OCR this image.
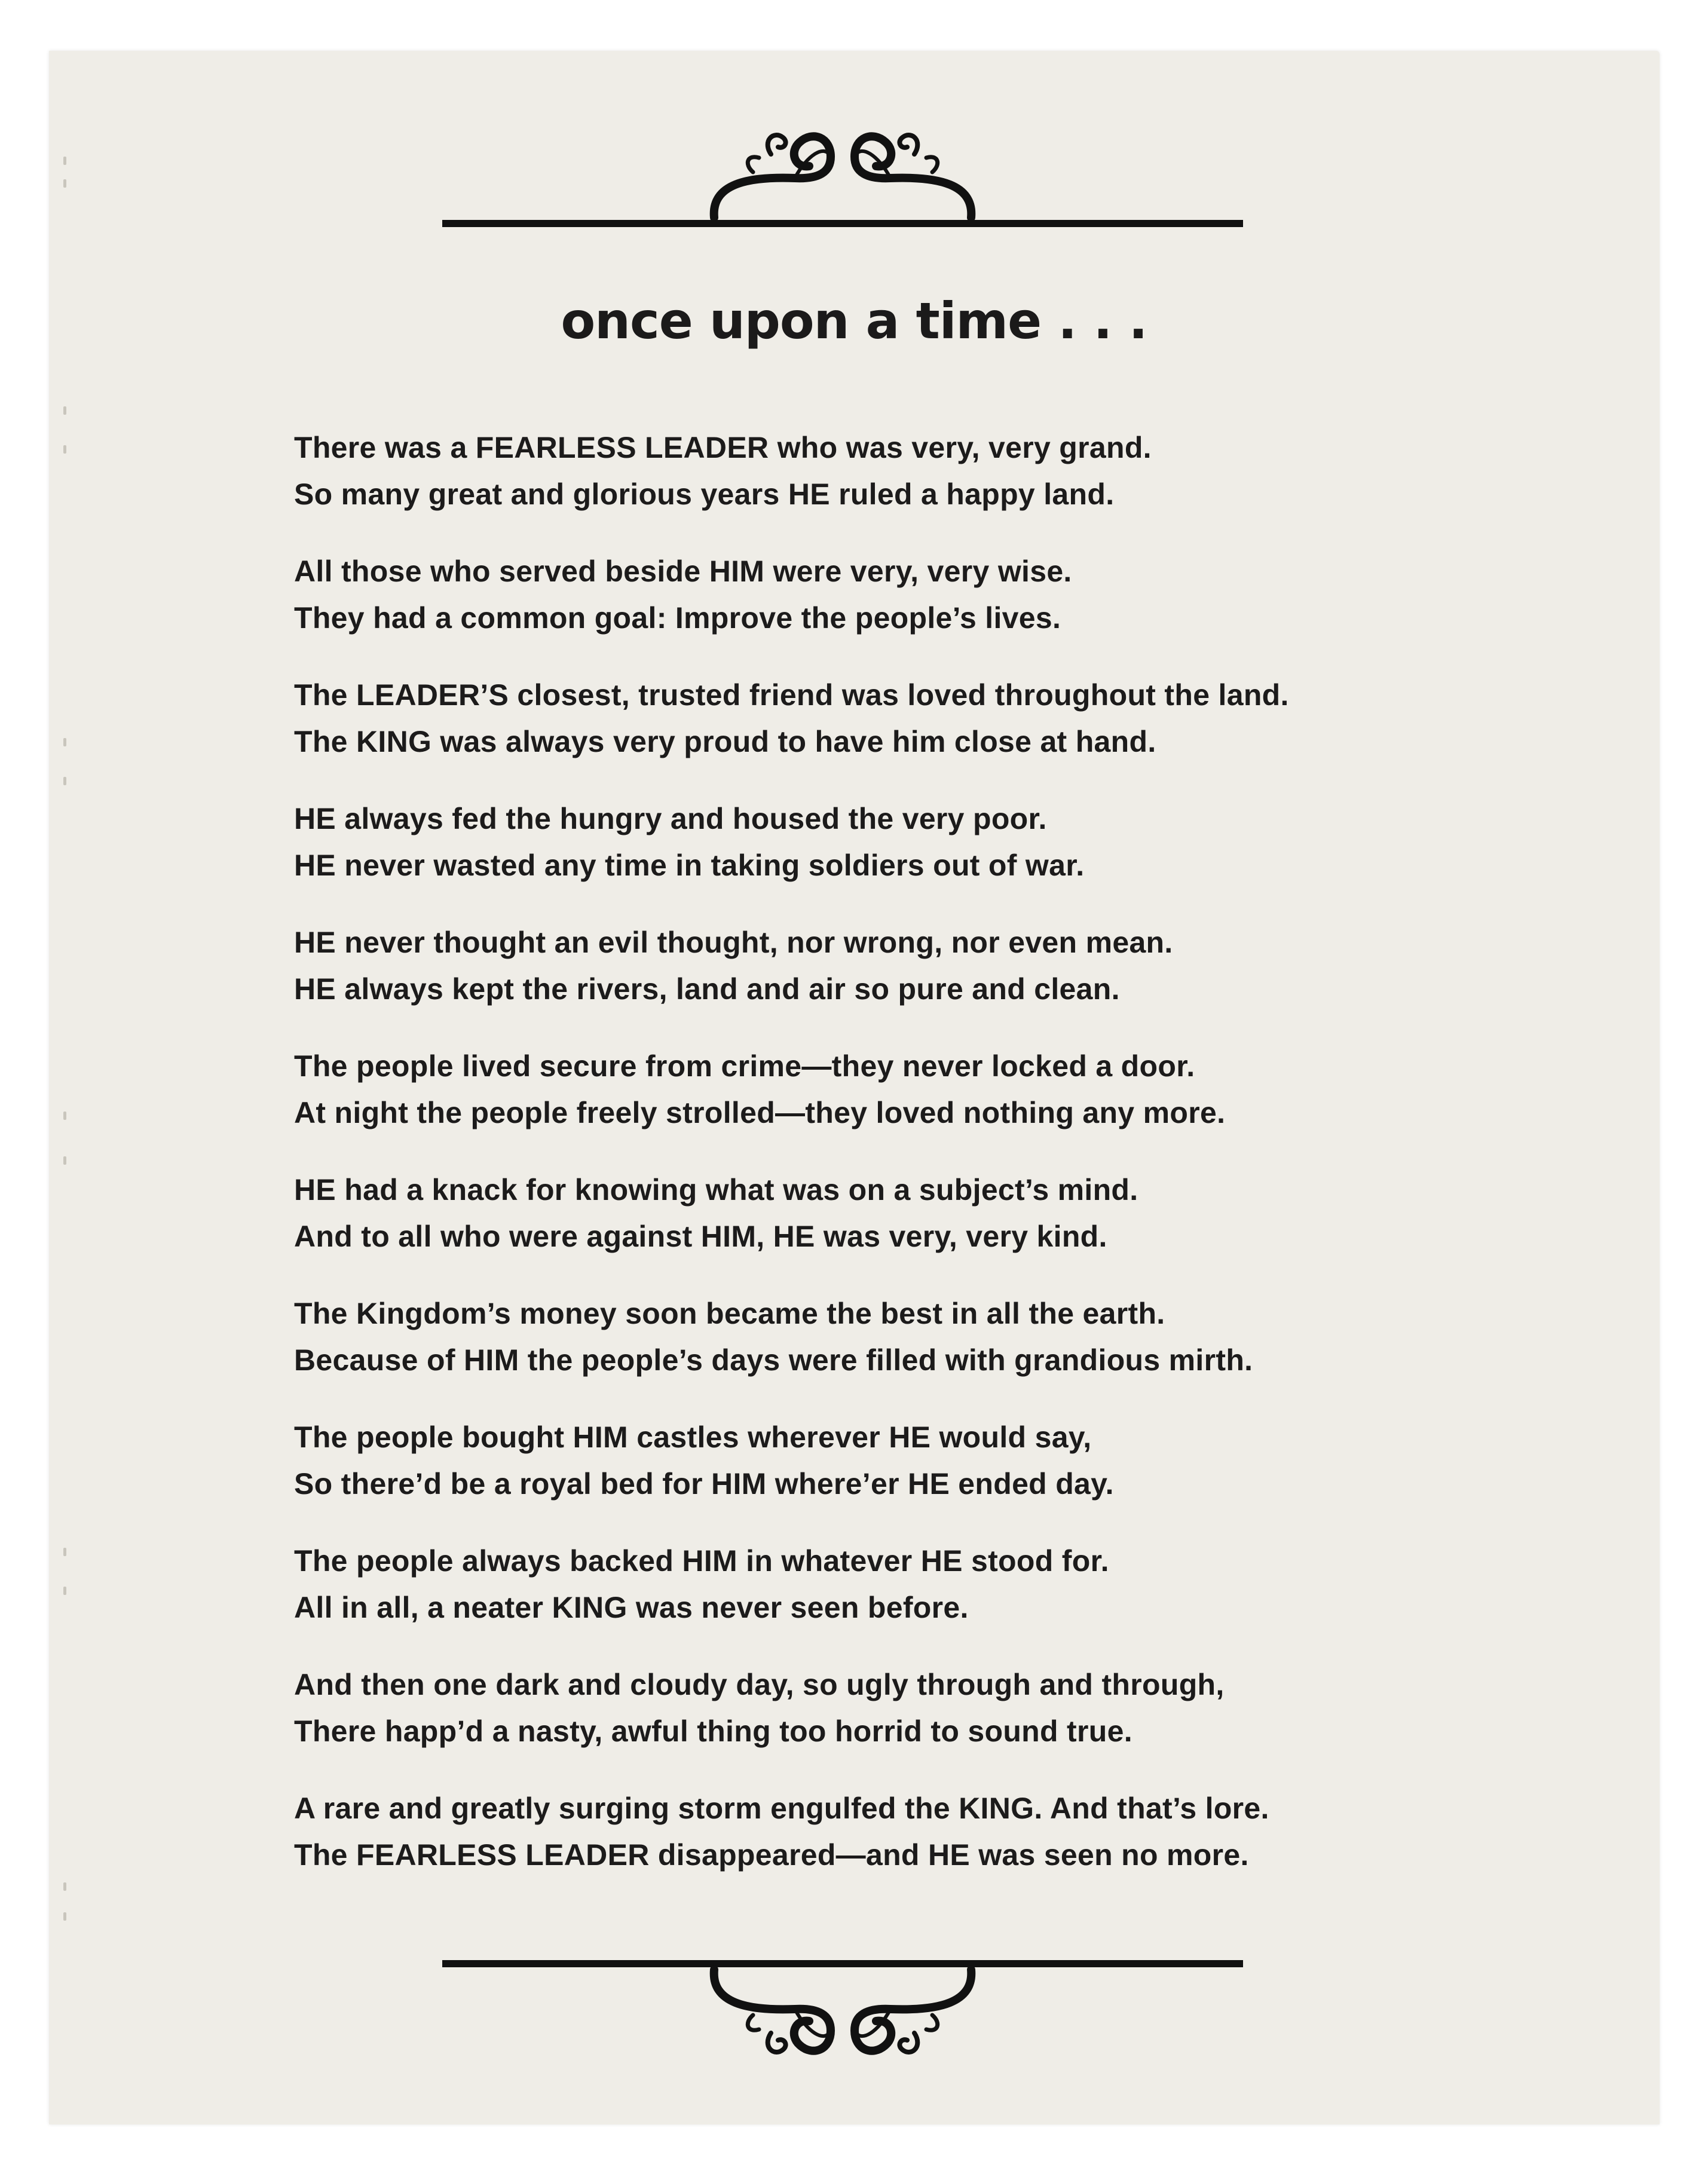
once upon a time . . .
There was a FEARLESS LEADER who was very, very grand.
So many great and glorious years HE ruled a happy land.
All those who served beside HIM were very, very wise.
They had a common goal: Improve the people’s lives.
The LEADER’S closest, trusted friend was loved throughout the land.
The KING was always very proud to have him close at hand.
HE always fed the hungry and housed the very poor.
HE never wasted any time in taking soldiers out of war.
HE never thought an evil thought, nor wrong, nor even mean.
HE always kept the rivers, land and air so pure and clean.
The people lived secure from crime—they never locked a door.
At night the people freely strolled—they loved nothing any more.
HE had a knack for knowing what was on a subject’s mind.
And to all who were against HIM, HE was very, very kind.
The Kingdom’s money soon became the best in all the earth.
Because of HIM the people’s days were filled with grandious mirth.
The people bought HIM castles wherever HE would say,
So there’d be a royal bed for HIM where’er HE ended day.
The people always backed HIM in whatever HE stood for.
All in all, a neater KING was never seen before.
And then one dark and cloudy day, so ugly through and through,
There happ’d a nasty, awful thing too horrid to sound true.
A rare and greatly surging storm engulfed the KING. And that’s lore.
The FEARLESS LEADER disappeared—and HE was seen no more.
